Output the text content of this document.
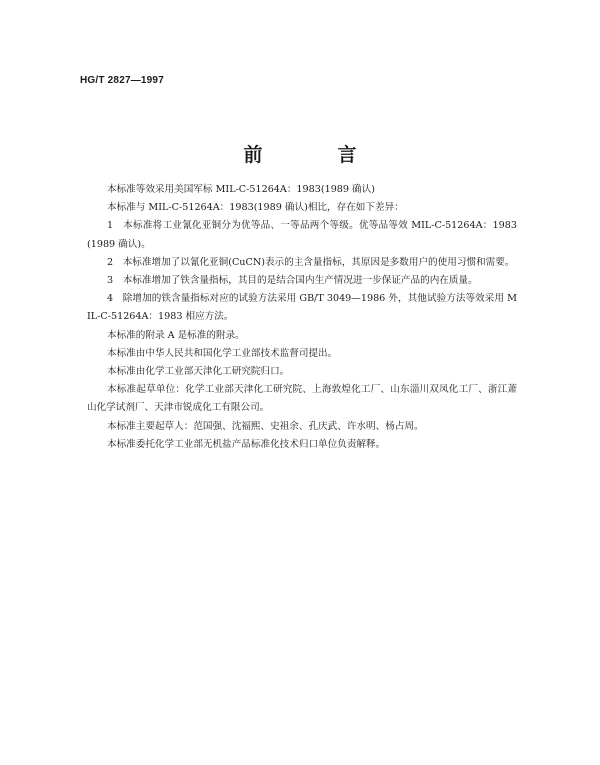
HG/T 2827—1997
前　言

本标准等效采用美国军标 MIL-C-51264A：1983(1989 确认)

本标准与 MIL-C-51264A：1983(1989 确认)相比，存在如下差异：

1　本标准将工业氰化亚铜分为优等品、一等品两个等级。优等品等效 MIL-C-51264A：1983(1989 确认)。

2　本标准增加了以氰化亚铜(CuCN)表示的主含量指标，其原因是多数用户的使用习惯和需要。

3　本标准增加了铁含量指标，其目的是结合国内生产情况进一步保证产品的内在质量。

4　除增加的铁含量指标对应的试验方法采用 GB/T 3049—1986 外，其他试验方法等效采用 MIL-C-51264A：1983 相应方法。

本标准的附录 A 是标准的附录。

本标准由中华人民共和国化学工业部技术监督司提出。

本标准由化学工业部天津化工研究院归口。

本标准起草单位：化学工业部天津化工研究院、上海敦煌化工厂、山东淄川双凤化工厂、浙江萧山化学试剂厂、天津市锐成化工有限公司。

本标准主要起草人：范国强、沈福熙、史祖余、孔庆武、许水明、杨占周。

本标准委托化学工业部无机盐产品标准化技术归口单位负责解释。
